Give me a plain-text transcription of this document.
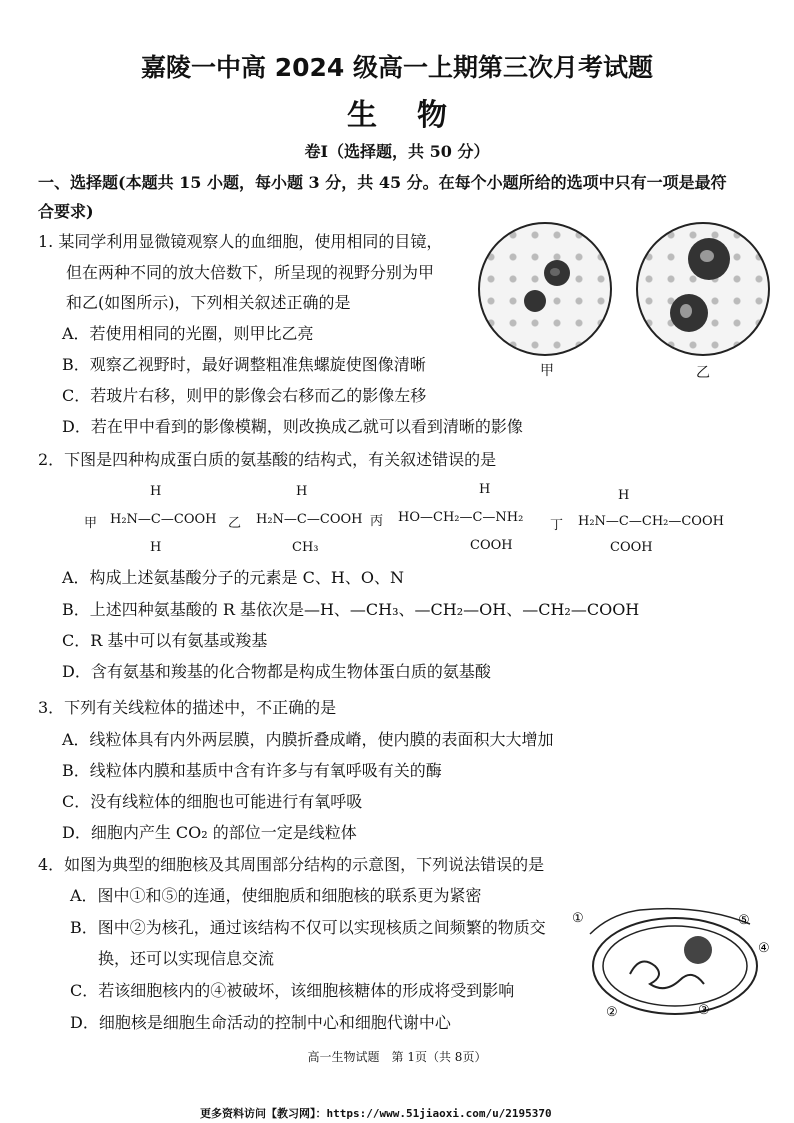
嘉陵一中高 2024 级高一上期第三次月考试题
生物
卷Ⅰ（选择题，共 50 分）
一、选择题(本题共 15 小题，每小题 3 分，共 45 分。在每个小题所给的选项中只有一项是最符
合要求)
1. 某同学利用显微镜观察人的血细胞，使用相同的目镜，
但在两种不同的放大倍数下，所呈现的视野分别为甲
和乙(如图所示)，下列相关叙述正确的是
A．若使用相同的光圈，则甲比乙亮
B．观察乙视野时，最好调整粗准焦螺旋使图像清晰
C．若玻片右移，则甲的影像会右移而乙的影像左移
D．若在甲中看到的影像模糊，则改换成乙就可以看到清晰的影像
甲	乙
2．下图是四种构成蛋白质的氨基酸的结构式，有关叙述错误的是
甲
H
H₂N—C—COOH
H
乙
H
H₂N—C—COOH
CH₃
丙
H
HO—CH₂—C—NH₂
COOH
丁
H
H₂N—C—CH₂—COOH
COOH
A．构成上述氨基酸分子的元素是 C、H、O、N
B．上述四种氨基酸的 R 基依次是—H、—CH₃、—CH₂—OH、—CH₂—COOH
C．R 基中可以有氨基或羧基
D．含有氨基和羧基的化合物都是构成生物体蛋白质的氨基酸
3．下列有关线粒体的描述中，不正确的是
A．线粒体具有内外两层膜，内膜折叠成嵴，使内膜的表面积大大增加
B．线粒体内膜和基质中含有许多与有氧呼吸有关的酶
C．没有线粒体的细胞也可能进行有氧呼吸
D．细胞内产生 CO₂ 的部位一定是线粒体
4．如图为典型的细胞核及其周围部分结构的示意图，下列说法错误的是
A．图中①和⑤的连通，使细胞质和细胞核的联系更为紧密
B．图中②为核孔，通过该结构不仅可以实现核质之间频繁的物质交
换，还可以实现信息交流
C．若该细胞核内的④被破坏，该细胞核糖体的形成将受到影响
D．细胞核是细胞生命活动的控制中心和细胞代谢中心
①
②	③
④
⑤
高一生物试题　第 1页（共 8页）
更多资料访问【教习网】：https://www.51jiaoxi.com/u/2195370
